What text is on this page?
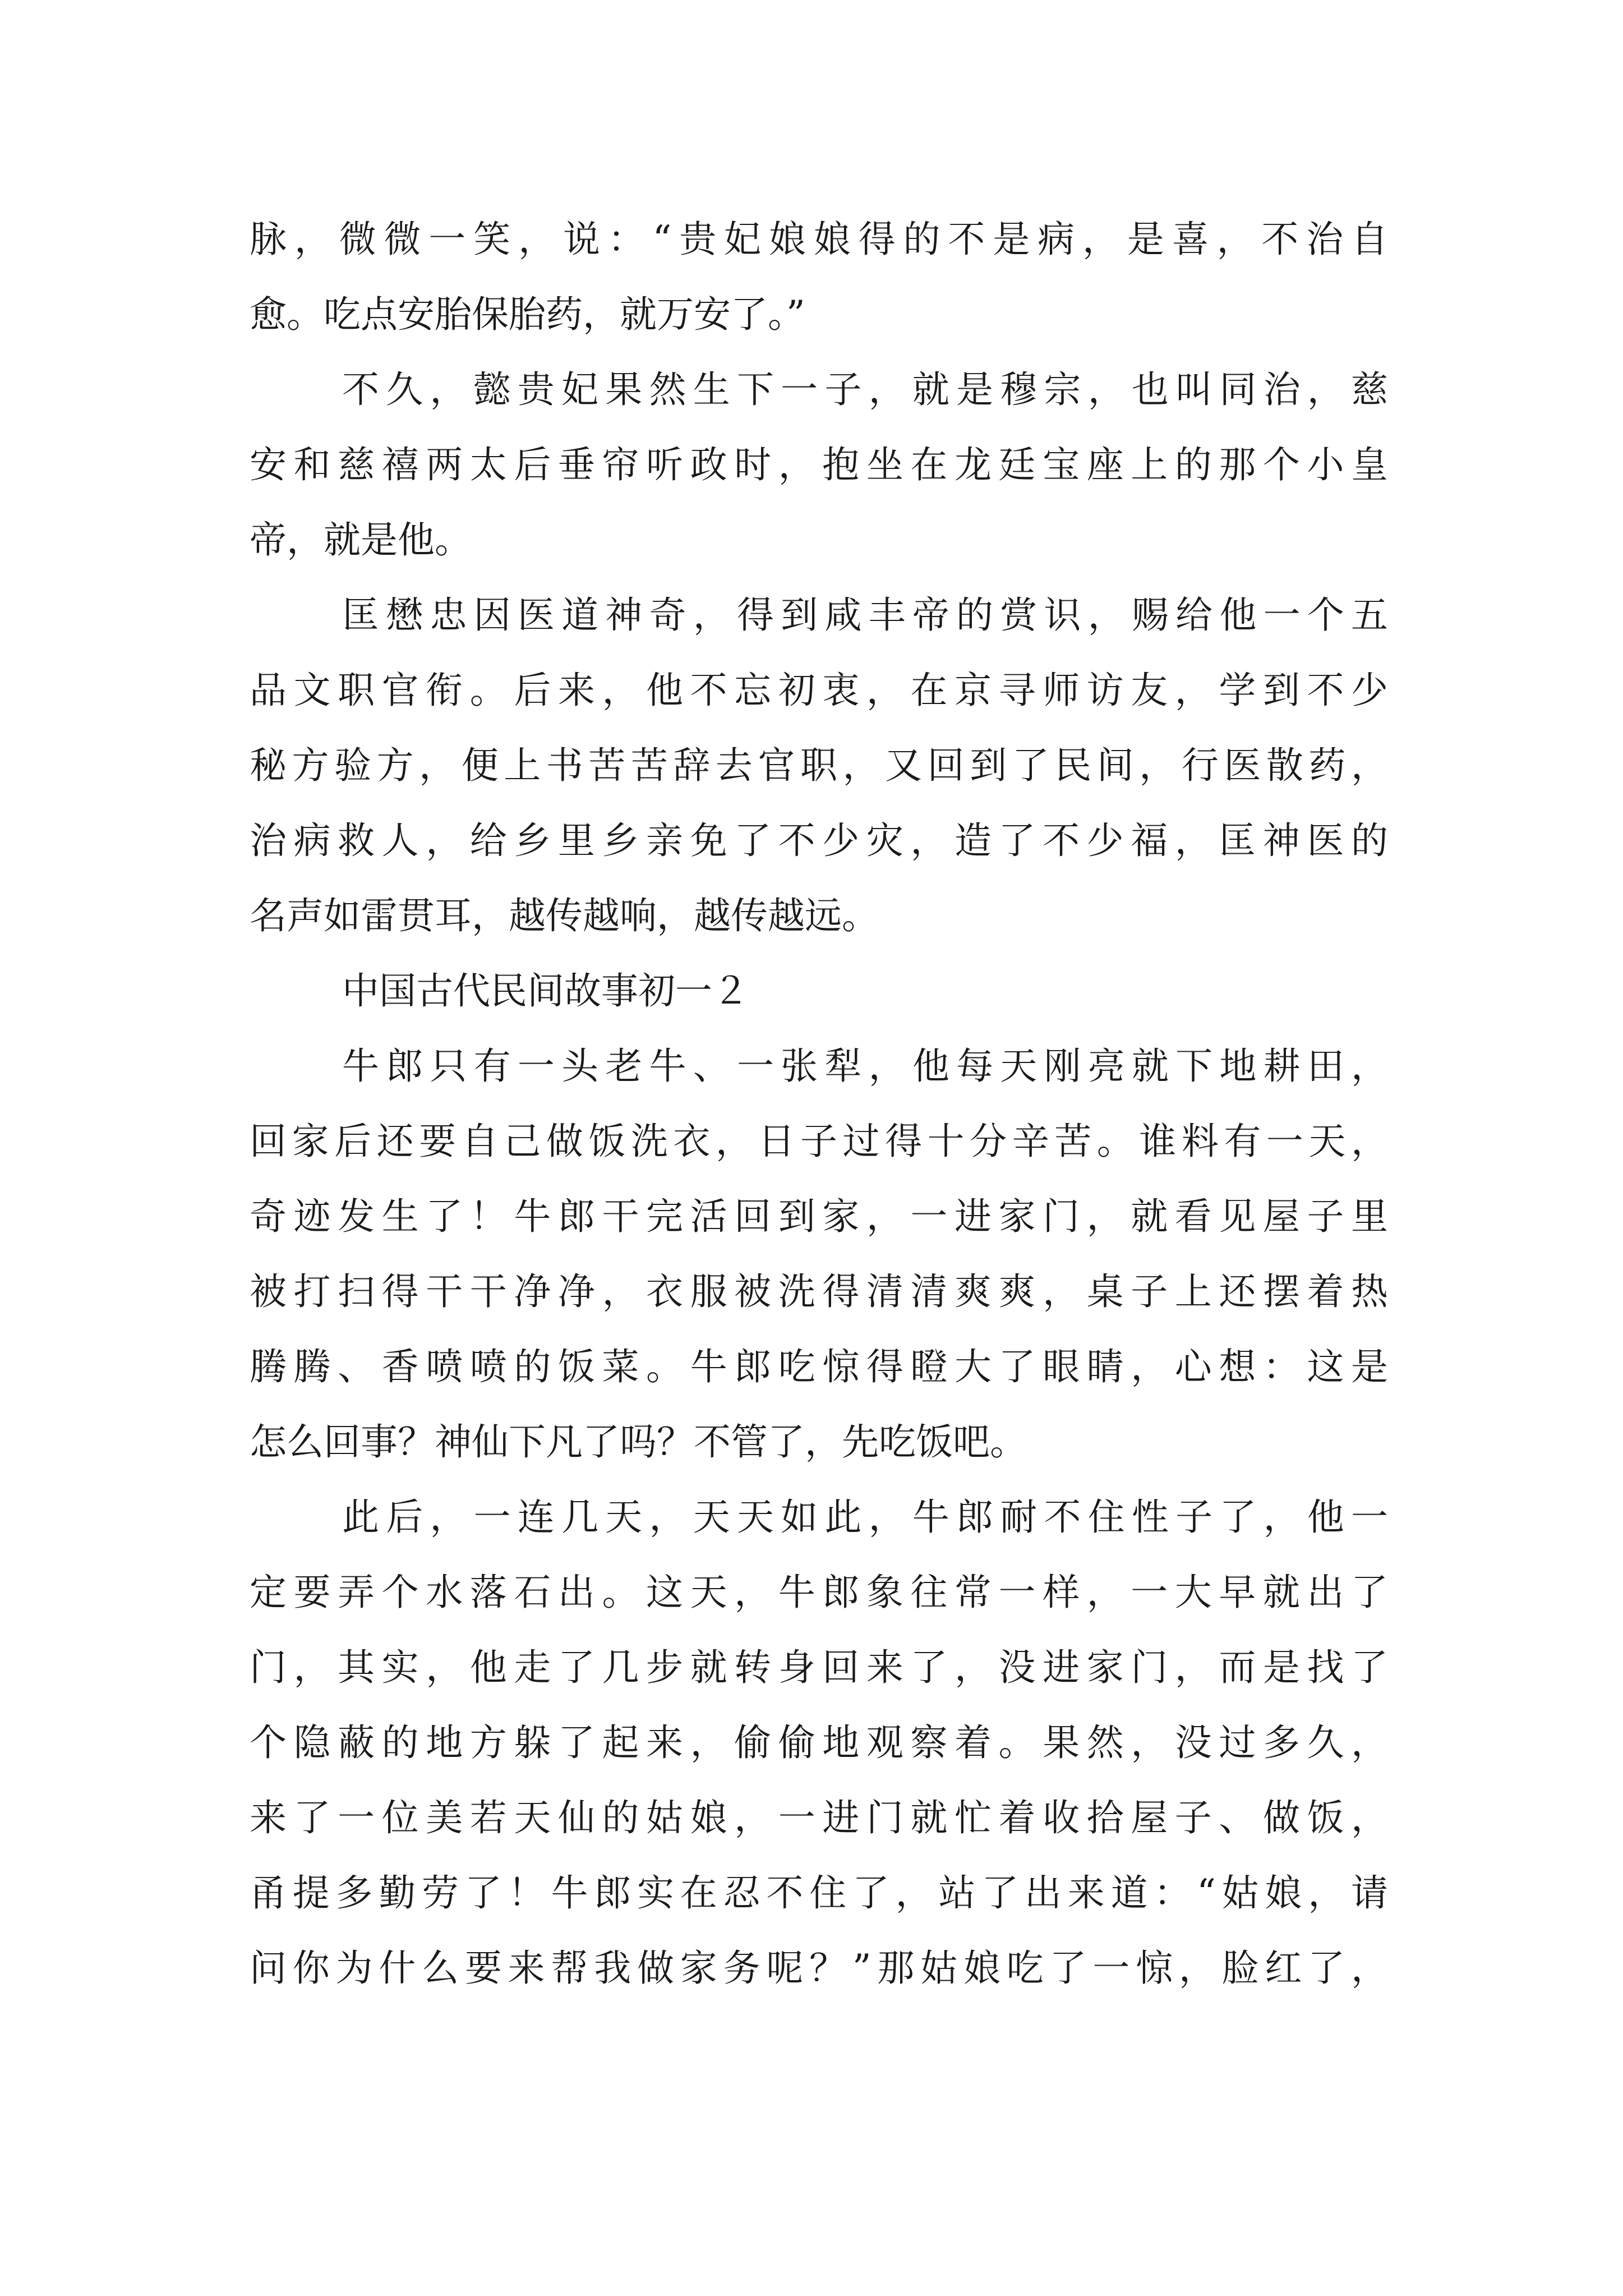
脉，微微一笑，说：“贵妃娘娘得的不是病，是喜，不治自
愈。吃点安胎保胎药，就万安了。”
不久，懿贵妃果然生下一子，就是穆宗，也叫同治，慈
安和慈禧两太后垂帘听政时，抱坐在龙廷宝座上的那个小皇
帝，就是他。
匡懋忠因医道神奇，得到咸丰帝的赏识，赐给他一个五
品文职官衔。后来，他不忘初衷，在京寻师访友，学到不少
秘方验方，便上书苦苦辞去官职，又回到了民间，行医散药，
治病救人，给乡里乡亲免了不少灾，造了不少福，匡神医的
名声如雷贯耳，越传越响，越传越远。
中国古代民间故事初一２
牛郎只有一头老牛、一张犁，他每天刚亮就下地耕田，
回家后还要自己做饭洗衣，日子过得十分辛苦。谁料有一天，
奇迹发生了！牛郎干完活回到家，一进家门，就看见屋子里
被打扫得干干净净，衣服被洗得清清爽爽，桌子上还摆着热
腾腾、香喷喷的饭菜。牛郎吃惊得瞪大了眼睛，心想：这是
怎么回事？神仙下凡了吗？不管了，先吃饭吧。
此后，一连几天，天天如此，牛郎耐不住性子了，他一
定要弄个水落石出。这天，牛郎象往常一样，一大早就出了
门，其实，他走了几步就转身回来了，没进家门，而是找了
个隐蔽的地方躲了起来，偷偷地观察着。果然，没过多久，
来了一位美若天仙的姑娘，一进门就忙着收拾屋子、做饭，
甬提多勤劳了！牛郎实在忍不住了，站了出来道：“姑娘，请
问你为什么要来帮我做家务呢？”那姑娘吃了一惊，脸红了，
